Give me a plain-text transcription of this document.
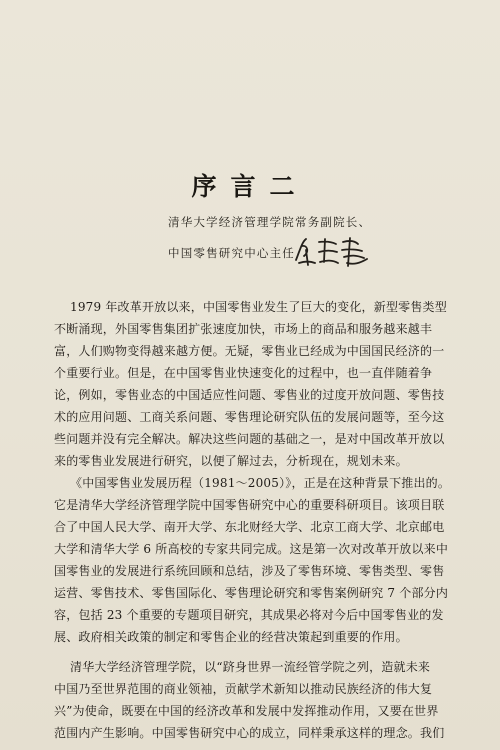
序言二
清华大学经济管理学院常务副院长、
中国零售研究中心主任
1979 年改革开放以来，中国零售业发生了巨大的变化，新型零售类型
不断涌现，外国零售集团扩张速度加快，市场上的商品和服务越来越丰
富，人们购物变得越来越方便。无疑，零售业已经成为中国国民经济的一
个重要行业。但是，在中国零售业快速变化的过程中，也一直伴随着争
论，例如，零售业态的中国适应性问题、零售业的过度开放问题、零售技
术的应用问题、工商关系问题、零售理论研究队伍的发展问题等，至今这
些问题并没有完全解决。解决这些问题的基础之一，是对中国改革开放以
来的零售业发展进行研究，以便了解过去，分析现在，规划未来。
《中国零售业发展历程（1981～2005）》，正是在这种背景下推出的。
它是清华大学经济管理学院中国零售研究中心的重要科研项目。该项目联
合了中国人民大学、南开大学、东北财经大学、北京工商大学、北京邮电
大学和清华大学 6 所高校的专家共同完成。这是第一次对改革开放以来中
国零售业的发展进行系统回顾和总结，涉及了零售环境、零售类型、零售
运营、零售技术、零售国际化、零售理论研究和零售案例研究 7 个部分内
容，包括 23 个重要的专题项目研究，其成果必将对今后中国零售业的发
展、政府相关政策的制定和零售企业的经营决策起到重要的作用。
清华大学经济管理学院，以“跻身世界一流经管学院之列，造就未来
中国乃至世界范围的商业领袖，贡献学术新知以推动民族经济的伟大复
兴”为使命，既要在中国的经济改革和发展中发挥推动作用，又要在世界
范围内产生影响。中国零售研究中心的成立，同样秉承这样的理念。我们
